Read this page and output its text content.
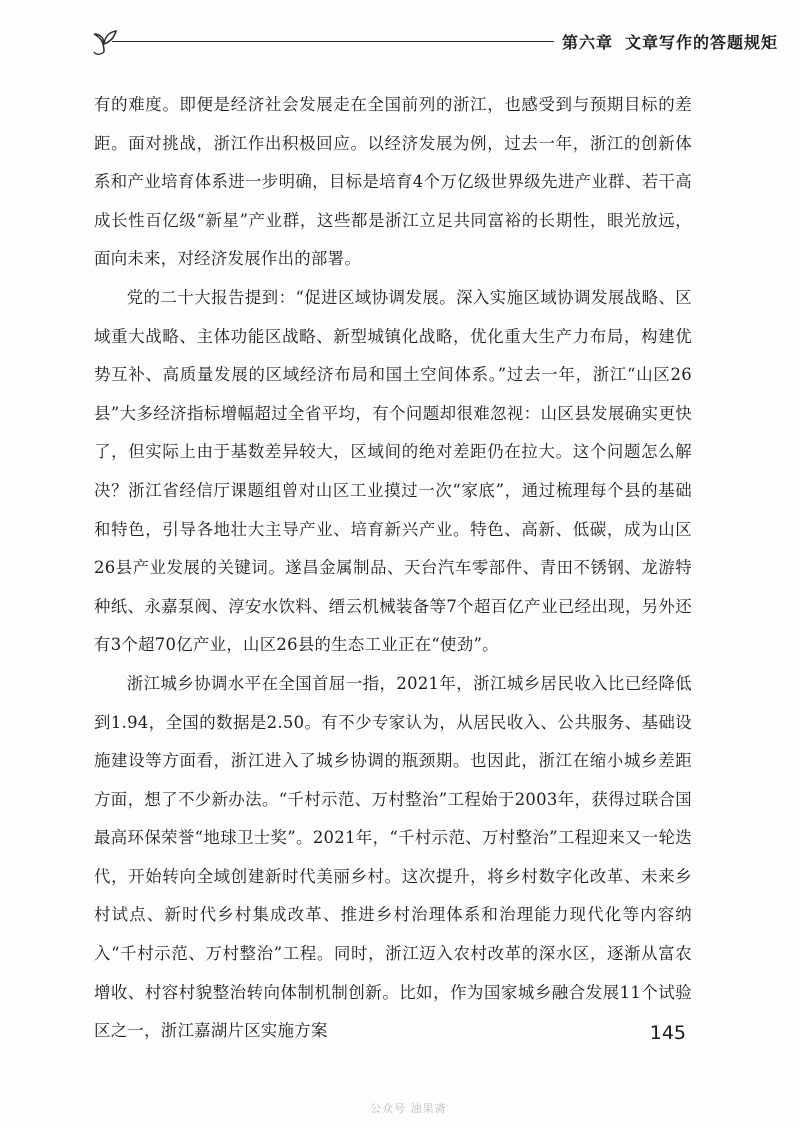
第六章 文章写作的答题规矩

有的难度。即便是经济社会发展走在全国前列的浙江，也感受到与预期目标的差距。面对挑战，浙江作出积极回应。以经济发展为例，过去一年，浙江的创新体系和产业培育体系进一步明确，目标是培育4个万亿级世界级先进产业群、若干高成长性百亿级“新星”产业群，这些都是浙江立足共同富裕的长期性，眼光放远，面向未来，对经济发展作出的部署。

党的二十大报告提到：“促进区域协调发展。深入实施区域协调发展战略、区域重大战略、主体功能区战略、新型城镇化战略，优化重大生产力布局，构建优势互补、高质量发展的区域经济布局和国土空间体系。”过去一年，浙江“山区26县”大多经济指标增幅超过全省平均，有个问题却很难忽视：山区县发展确实更快了，但实际上由于基数差异较大，区域间的绝对差距仍在拉大。这个问题怎么解决？浙江省经信厅课题组曾对山区工业摸过一次“家底”，通过梳理每个县的基础和特色，引导各地壮大主导产业、培育新兴产业。特色、高新、低碳，成为山区26县产业发展的关键词。遂昌金属制品、天台汽车零部件、青田不锈钢、龙游特种纸、永嘉泵阀、淳安水饮料、缙云机械装备等7个超百亿产业已经出现，另外还有3个超70亿产业，山区26县的生态工业正在“使劲”。

浙江城乡协调水平在全国首屈一指，2021年，浙江城乡居民收入比已经降低到1.94，全国的数据是2.50。有不少专家认为，从居民收入、公共服务、基础设施建设等方面看，浙江进入了城乡协调的瓶颈期。也因此，浙江在缩小城乡差距方面，想了不少新办法。“千村示范、万村整治”工程始于2003年，获得过联合国最高环保荣誉“地球卫士奖”。2021年，“千村示范、万村整治”工程迎来又一轮迭代，开始转向全域创建新时代美丽乡村。这次提升，将乡村数字化改革、未来乡村试点、新时代乡村集成改革、推进乡村治理体系和治理能力现代化等内容纳入“千村示范、万村整治”工程。同时，浙江迈入农村改革的深水区，逐渐从富农增收、村容村貌整治转向体制机制创新。比如，作为国家城乡融合发展11个试验区之一，浙江嘉湖片区实施方案	145
公众号 油果斋
